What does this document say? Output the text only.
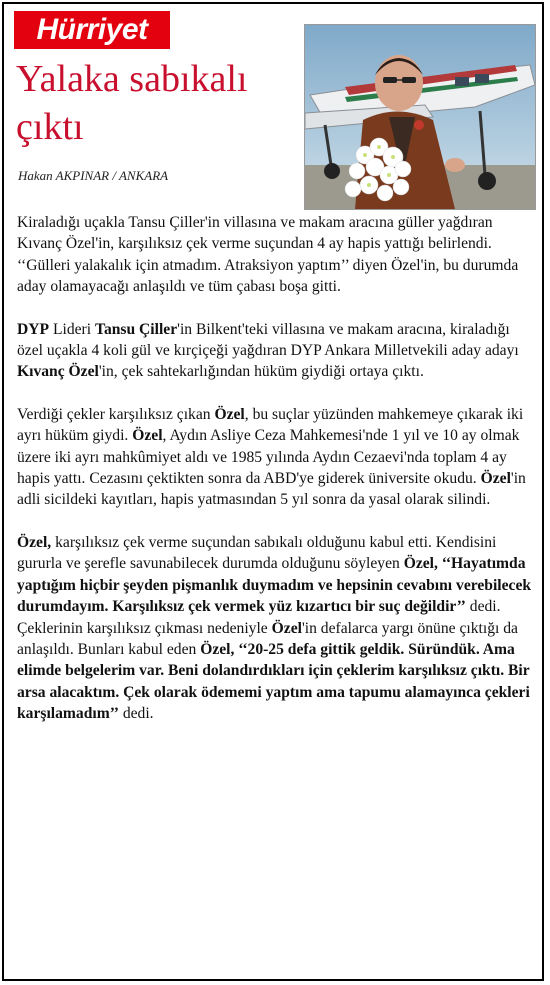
Hürriyet
Yalaka sabıkalı çıktı
Hakan AKPINAR / ANKARA

Kiraladığı uçakla Tansu Çiller'in villasına ve makam aracına güller yağdıran Kıvanç Özel'in, karşılıksız çek verme suçundan 4 ay hapis yattığı belirlendi. ‘‘Gülleri yalakalık için atmadım. Atraksiyon yaptım’’ diyen Özel'in, bu durumda aday olamayacağı anlaşıldı ve tüm çabası boşa gitti.

DYP Lideri Tansu Çiller'in Bilkent'teki villasına ve makam aracına, kiraladığı özel uçakla 4 koli gül ve kırçiçeği yağdıran DYP Ankara Milletvekili aday adayı Kıvanç Özel'in, çek sahtekarlığından hüküm giydiği ortaya çıktı.

Verdiği çekler karşılıksız çıkan Özel, bu suçlar yüzünden mahkemeye çıkarak iki ayrı hüküm giydi. Özel, Aydın Asliye Ceza Mahkemesi'nde 1 yıl ve 10 ay olmak üzere iki ayrı mahkûmiyet aldı ve 1985 yılında Aydın Cezaevi'nda toplam 4 ay hapis yattı. Cezasını çektikten sonra da ABD'ye giderek üniversite okudu. Özel'in adli sicildeki kayıtları, hapis yatmasından 5 yıl sonra da yasal olarak silindi.

Özel, karşılıksız çek verme suçundan sabıkalı olduğunu kabul etti. Kendisini gururla ve şerefle savunabilecek durumda olduğunu söyleyen Özel, ‘‘Hayatımda yaptığım hiçbir şeyden pişmanlık duymadım ve hepsinin cevabını verebilecek durumdayım. Karşılıksız çek vermek yüz kızartıcı bir suç değildir’’ dedi. Çeklerinin karşılıksız çıkması nedeniyle Özel'in defalarca yargı önüne çıktığı da anlaşıldı. Bunları kabul eden Özel, ‘‘20-25 defa gittik geldik. Süründük. Ama elimde belgelerim var. Beni dolandırdıkları için çeklerim karşılıksız çıktı. Bir arsa alacaktım. Çek olarak ödememi yaptım ama tapumu alamayınca çekleri karşılamadım’’ dedi.
